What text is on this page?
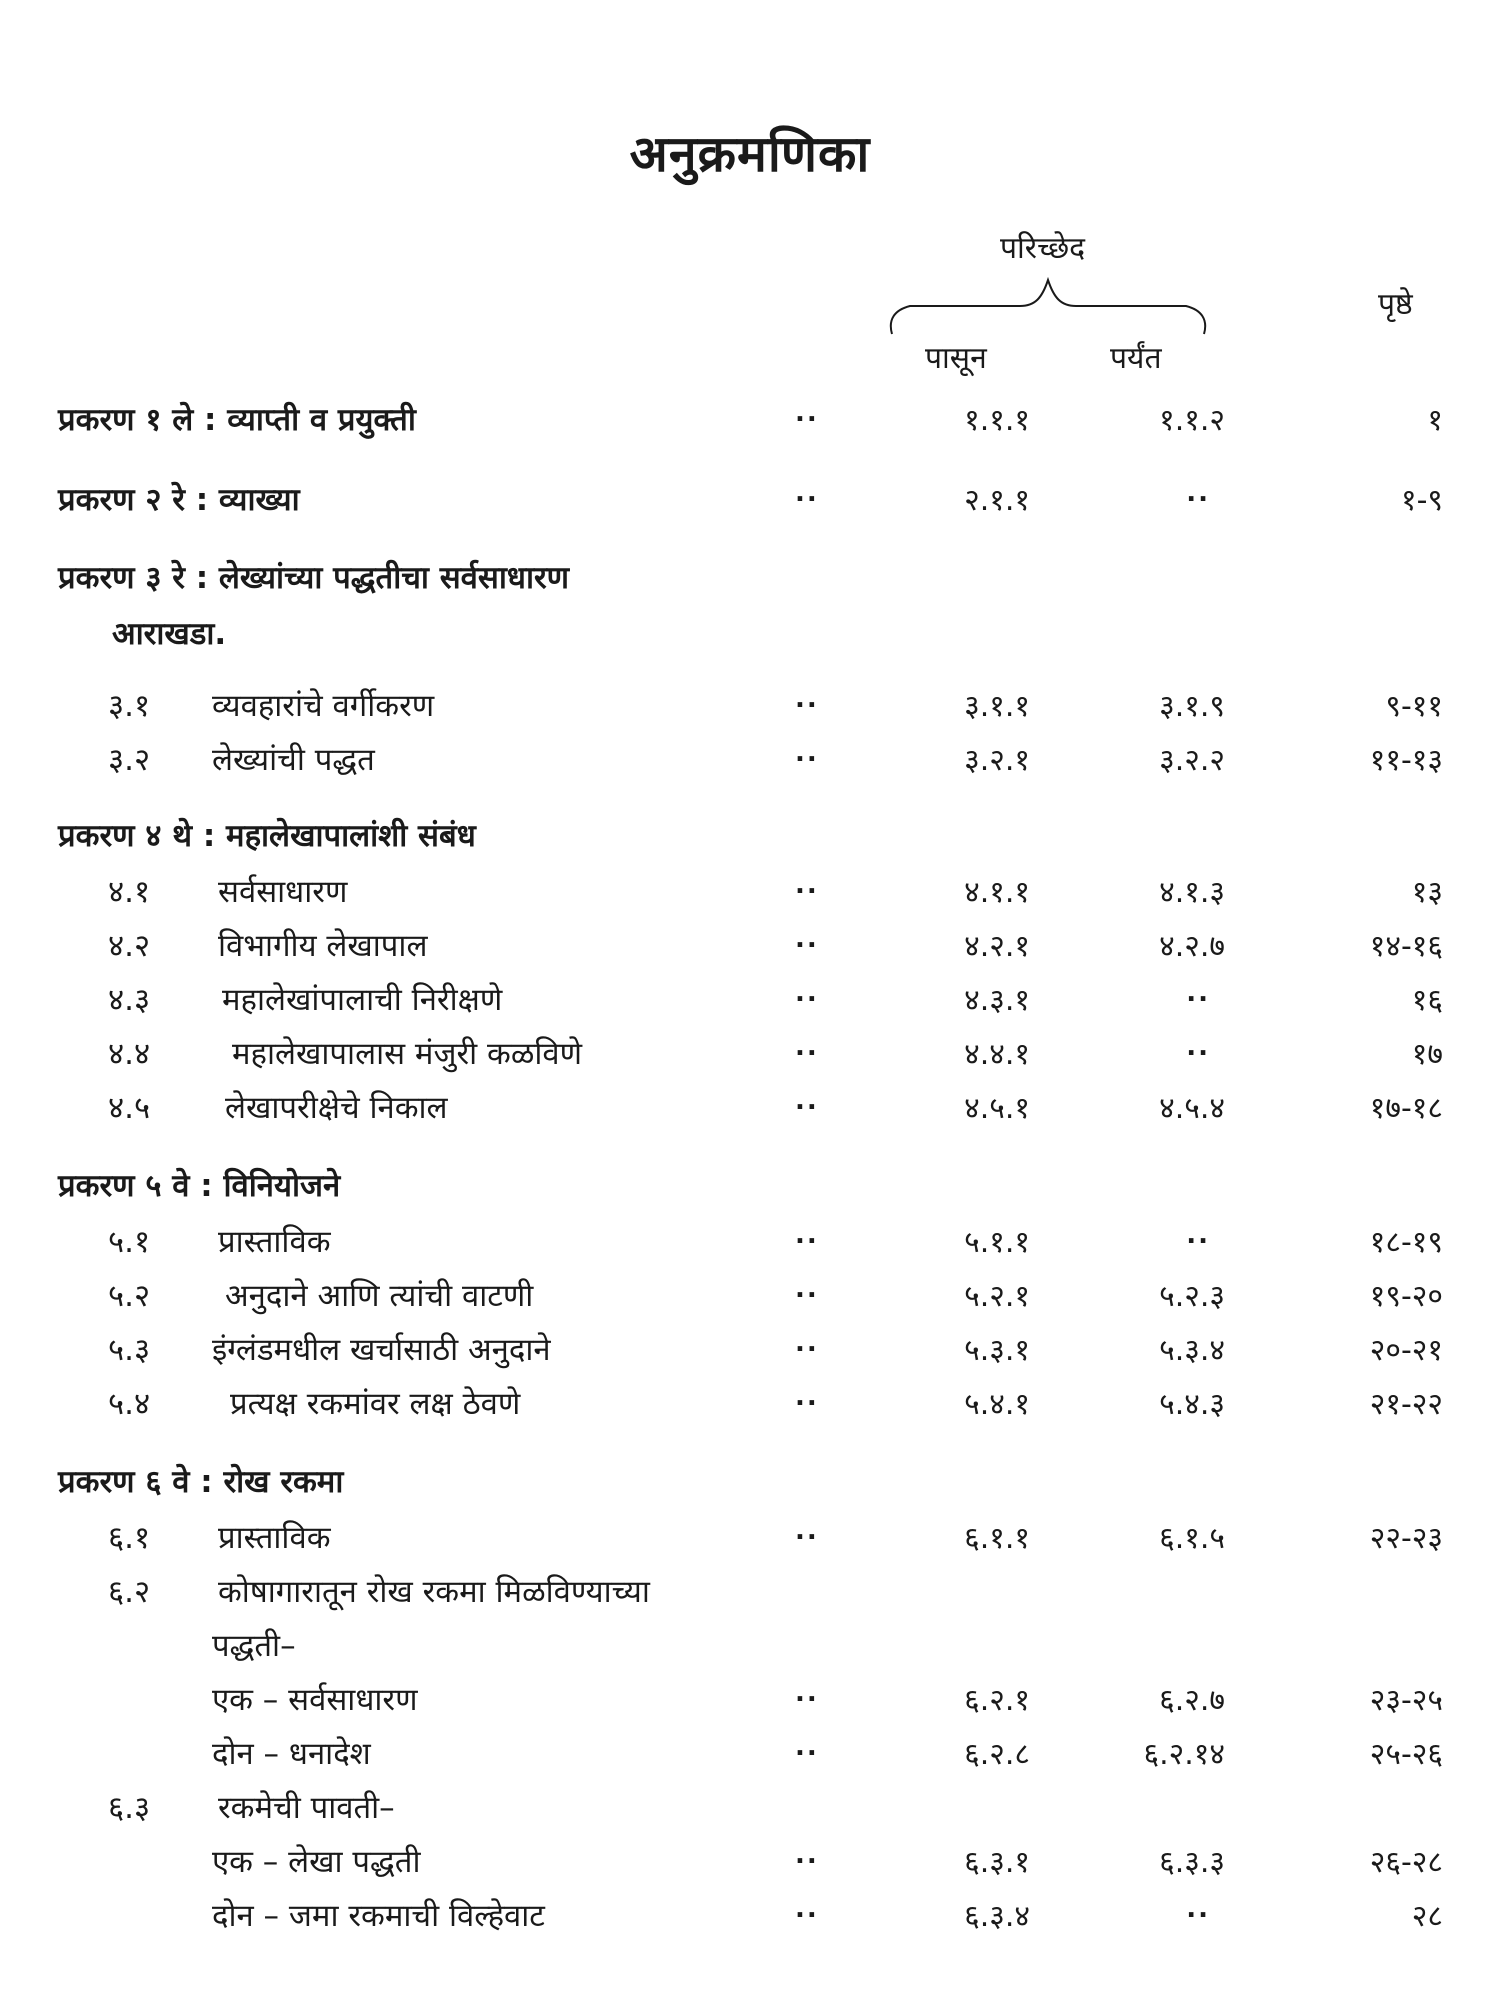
अनुक्रमणिका
परिच्छेद
पृष्ठे
पासून	पर्यंत
प्रकरण १ ले : व्याप्ती व प्रयुक्ती	..	१.१.१	१.१.२	१
प्रकरण २ रे : व्याख्या	..	२.१.१	..	१-९
प्रकरण ३ रे : लेख्यांच्या पद्धतीचा सर्वसाधारण
आराखडा.
३.१ व्यवहारांचे वर्गीकरण	..	३.१.१	३.१.९	९-११
३.२ लेख्यांची पद्धत	..	३.२.१	३.२.२	११-१३
प्रकरण ४ थे : महालेखापालांशी संबंध
४.१ सर्वसाधारण	..	४.१.१	४.१.३	१३
४.२ विभागीय लेखापाल	..	४.२.१	४.२.७	१४-१६
४.३ महालेखांपालाची निरीक्षणे	..	४.३.१	..	१६
४.४	महालेखापालास मंजुरी कळविणे	..	४.४.१	..	१७
४.५ लेखापरीक्षेचे निकाल	..	४.५.१	४.५.४	१७-१८
प्रकरण ५ वे : विनियोजने
५.१ प्रास्ताविक	..	५.१.१	..	१८-१९
५.२ अनुदाने आणि त्यांची वाटणी	..	५.२.१	५.२.३	१९-२०
५.३ इंग्लंडमधील खर्चासाठी अनुदाने	..	५.३.१	५.३.४	२०-२१
५.४	प्रत्यक्ष रकमांवर लक्ष ठेवणे	..	५.४.१	५.४.३	२१-२२
प्रकरण ६ वे : रोख रकमा
६.१ प्रास्ताविक	..	६.१.१	६.१.५	२२-२३
६.२ कोषागारातून रोख रकमा मिळविण्याच्या
पद्धती–
एक – सर्वसाधारण	..	६.२.१	६.२.७	२३-२५
दोन – धनादेश	..	६.२.८	६.२.१४	२५-२६
६.३ रकमेची पावती–
एक – लेखा पद्धती	..	६.३.१	६.३.३	२६-२८
दोन – जमा रकमाची विल्हेवाट	..	६.३.४	..	२८
